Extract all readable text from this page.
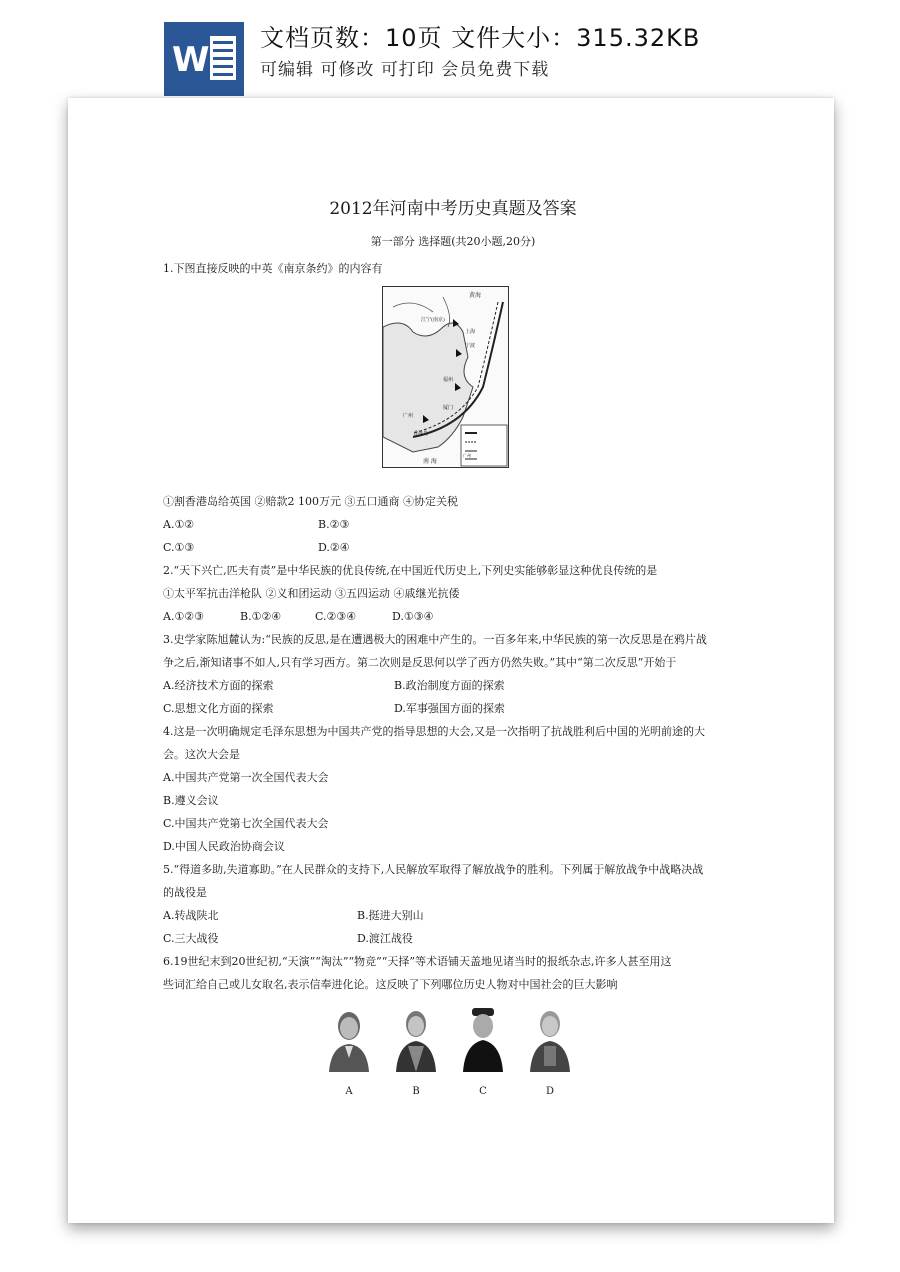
W
文档页数：10页 文件大小：315.32KB
可编辑 可修改 可打印 会员免费下载
2012年河南中考历史真题及答案
第一部分 选择题(共20小题,20分)
1.下图直接反映的中英《南京条约》的内容有
黄海
江宁(南京)
上海
宁波
福州
厦门
广州
香港岛
南 海
广州
①割香港岛给英国 ②赔款2 100万元 ③五口通商 ④协定关税
A.①②	B.②③
C.①③	D.②④
2.“天下兴亡,匹夫有责”是中华民族的优良传统,在中国近代历史上,下列史实能够彰显这种优良传统的是
①太平军抗击洋枪队 ②义和团运动 ③五四运动 ④戚继光抗倭
A.①②③	B.①②④	C.②③④	D.①③④
3.史学家陈旭麓认为:“民族的反思,是在遭遇极大的困难中产生的。一百多年来,中华民族的第一次反思是在鸦片战
争之后,渐知诸事不如人,只有学习西方。第二次则是反思何以学了西方仍然失败。”其中“第二次反思”开始于
A.经济技术方面的探索	B.政治制度方面的探索
C.思想文化方面的探索	D.军事强国方面的探索
4.这是一次明确规定毛泽东思想为中国共产党的指导思想的大会,又是一次指明了抗战胜利后中国的光明前途的大
会。这次大会是
A.中国共产党第一次全国代表大会
B.遵义会议
C.中国共产党第七次全国代表大会
D.中国人民政治协商会议
5.“得道多助,失道寡助。”在人民群众的支持下,人民解放军取得了解放战争的胜利。下列属于解放战争中战略决战
的战役是
A.转战陕北	B.挺进大别山
C.三大战役	D.渡江战役
6.19世纪末到20世纪初,“天演”“淘汰”“物竞”“天择”等术语铺天盖地见诸当时的报纸杂志,许多人甚至用这
些词汇给自己或儿女取名,表示信奉进化论。这反映了下列哪位历史人物对中国社会的巨大影响
A	B	C	D
